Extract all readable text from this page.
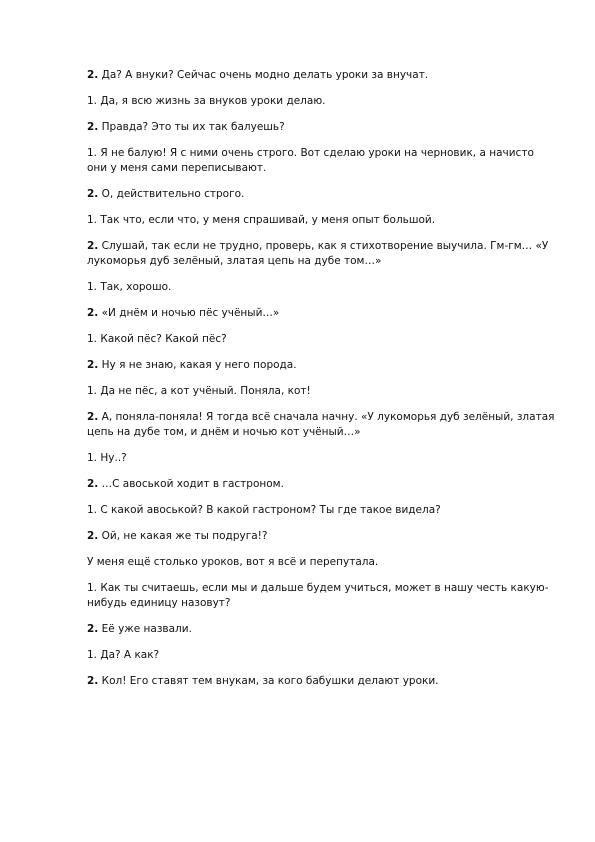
2. Да? А внуки? Сейчас очень модно делать уроки за внучат.

1. Да, я всю жизнь за внуков уроки делаю.

2. Правда? Это ты их так балуешь?

1. Я не балую! Я с ними очень строго. Вот сделаю уроки на черновик, а начисто они у меня сами переписывают.

2. О, действительно строго.

1. Так что, если что, у меня спрашивай, у меня опыт большой.

2. Слушай, так если не трудно, проверь, как я стихотворение выучила. Гм-гм… «У лукоморья дуб зелёный, златая цепь на дубе том…»

1. Так, хорошо.

2. «И днём и ночью пёс учёный…»

1. Какой пёс? Какой пёс?

2. Ну я не знаю, какая у него порода.

1. Да не пёс, а кот учёный. Поняла, кот!

2. А, поняла-поняла! Я тогда всё сначала начну. «У лукоморья дуб зелёный, златая цепь на дубе том, и днём и ночью кот учёный…»

1. Ну..?

2. …С авоськой ходит в гастроном.

1. С какой авоськой? В какой гастроном? Ты где такое видела?

2. Ой, не какая же ты подруга!?

У меня ещё столько уроков, вот я всё и перепутала.

1. Как ты считаешь, если мы и дальше будем учиться, может в нашу честь какую-нибудь единицу назовут?

2. Её уже назвали.

1. Да? А как?

2. Кол! Его ставят тем внукам, за кого бабушки делают уроки.
